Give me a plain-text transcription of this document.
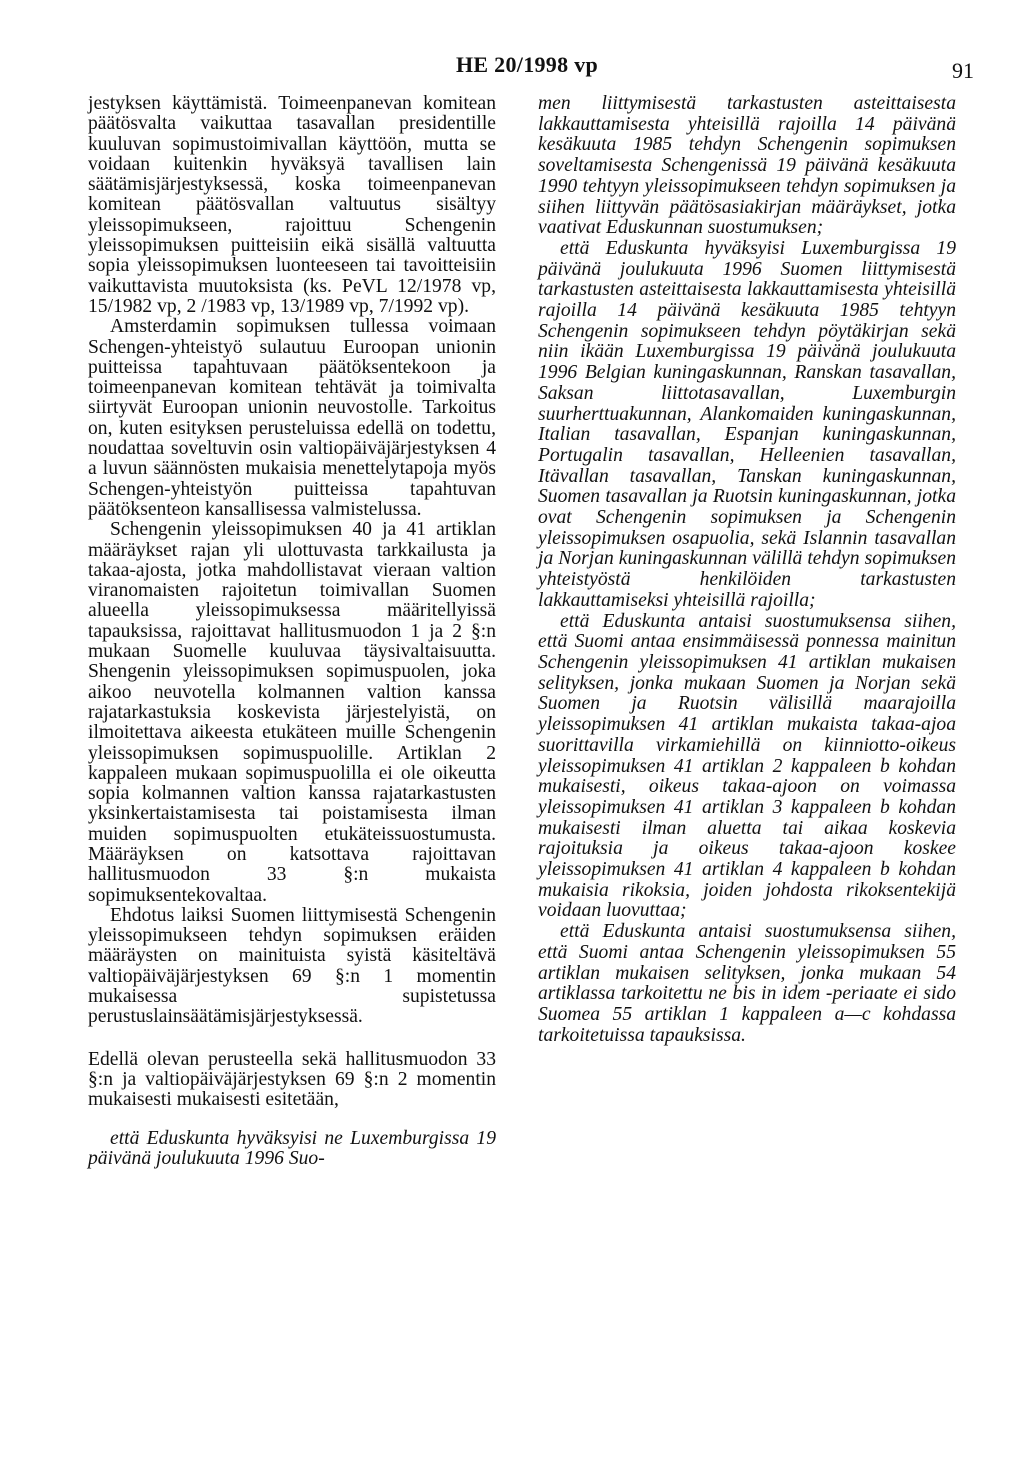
HE 20/1998 vp	91

jestyksen käyttämistä. Toimeenpanevan komitean päätösvalta vaikuttaa tasavallan presidentille kuuluvan sopimustoimivallan käyttöön, mutta se voidaan kuitenkin hyväksyä tavallisen lain säätämisjärjestyksessä, koska toimeenpanevan komitean päätösvallan valtuutus sisältyy yleissopimukseen, rajoittuu Schengenin yleissopimuksen puitteisiin eikä sisällä valtuutta sopia yleissopimuksen luonteeseen tai tavoitteisiin vaikuttavista muutoksista (ks. PeVL 12/1978 vp, 15/1982 vp, 2 /1983 vp, 13/1989 vp, 7/1992 vp).

Amsterdamin sopimuksen tullessa voimaan Schengen-yhteistyö sulautuu Euroopan unionin puitteissa tapahtuvaan päätöksentekoon ja toimeenpanevan komitean tehtävät ja toimivalta siirtyvät Euroopan unionin neuvostolle. Tarkoitus on, kuten esityksen perusteluissa edellä on todettu, noudattaa soveltuvin osin valtiopäiväjärjestyksen 4 a luvun säännösten mukaisia menettelytapoja myös Schengen-yhteistyön puitteissa tapahtuvan päätöksenteon kansallisessa valmistelussa.

Schengenin yleissopimuksen 40 ja 41 artiklan määräykset rajan yli ulottuvasta tarkkailusta ja takaa-ajosta, jotka mahdollistavat vieraan valtion viranomaisten rajoitetun toimivallan Suomen alueella yleissopimuksessa määritellyissä tapauksissa, rajoittavat hallitusmuodon 1 ja 2 §:n mukaan Suomelle kuuluvaa täysivaltaisuutta. Shengenin yleissopimuksen sopimuspuolen, joka aikoo neuvotella kolmannen valtion kanssa rajatarkastuksia koskevista järjestelyistä, on ilmoitettava aikeesta etukäteen muille Schengenin yleissopimuksen sopimuspuolille. Artiklan 2 kappaleen mukaan sopimuspuolilla ei ole oikeutta sopia kolmannen valtion kanssa rajatarkastusten yksinkertaistamisesta tai poistamisesta ilman muiden sopimuspuolten etukäteissuostumusta. Määräyksen on katsottava rajoittavan hallitusmuodon 33 §:n mukaista sopimuksentekovaltaa.

Ehdotus laiksi Suomen liittymisestä Schengenin yleissopimukseen tehdyn sopimuksen eräiden määräysten on mainituista syistä käsiteltävä valtiopäiväjärjestyksen 69 §:n 1 momentin mukaisessa supistetussa perustuslainsäätämisjärjestyksessä.

Edellä olevan perusteella sekä hallitusmuodon 33 §:n ja valtiopäiväjärjestyksen 69 §:n 2 momentin mukaisesti mukaisesti esitetään,

että Eduskunta hyväksyisi ne Luxemburgissa 19 päivänä joulukuuta 1996 Suo-

men liittymisestä tarkastusten asteittaisesta lakkauttamisesta yhteisillä rajoilla 14 päivänä kesäkuuta 1985 tehdyn Schengenin sopimuksen soveltamisesta Schengenissä 19 päivänä kesäkuuta 1990 tehtyyn yleissopimukseen tehdyn sopimuksen ja siihen liittyvän päätösasiakirjan määräykset, jotka vaativat Eduskunnan suostumuksen;

että Eduskunta hyväksyisi Luxemburgissa 19 päivänä joulukuuta 1996 Suomen liittymisestä tarkastusten asteittaisesta lakkauttamisesta yhteisillä rajoilla 14 päivänä kesäkuuta 1985 tehtyyn Schengenin sopimukseen tehdyn pöytäkirjan sekä niin ikään Luxemburgissa 19 päivänä joulukuuta 1996 Belgian kuningaskunnan, Ranskan tasavallan, Saksan liittotasavallan, Luxemburgin suurherttuakunnan, Alankomaiden kuningaskunnan, Italian tasavallan, Espanjan kuningaskunnan, Portugalin tasavallan, Helleenien tasavallan, Itävallan tasavallan, Tanskan kuningaskunnan, Suomen tasavallan ja Ruotsin kuningaskunnan, jotka ovat Schengenin sopimuksen ja Schengenin yleissopimuksen osapuolia, sekä Islannin tasavallan ja Norjan kuningaskunnan välillä tehdyn sopimuksen yhteistyöstä henkilöiden tarkastusten lakkauttamiseksi yhteisillä rajoilla;

että Eduskunta antaisi suostumuksensa siihen, että Suomi antaa ensimmäisessä ponnessa mainitun Schengenin yleissopimuksen 41 artiklan mukaisen selityksen, jonka mukaan Suomen ja Norjan sekä Suomen ja Ruotsin välisillä maarajoilla yleissopimuksen 41 artiklan mukaista takaa-ajoa suorittavilla virkamiehillä on kiinniotto-oikeus yleissopimuksen 41 artiklan 2 kappaleen b kohdan mukaisesti, oikeus takaa-ajoon on voimassa yleissopimuksen 41 artiklan 3 kappaleen b kohdan mukaisesti ilman aluetta tai aikaa koskevia rajoituksia ja oikeus takaa-ajoon koskee yleissopimuksen 41 artiklan 4 kappaleen b kohdan mukaisia rikoksia, joiden johdosta rikoksentekijä voidaan luovuttaa;

että Eduskunta antaisi suostumuksensa siihen, että Suomi antaa Schengenin yleissopimuksen 55 artiklan mukaisen selityksen, jonka mukaan 54 artiklassa tarkoitettu ne bis in idem -periaate ei sido Suomea 55 artiklan 1 kappaleen a—c kohdassa tarkoitetuissa tapauksissa.
